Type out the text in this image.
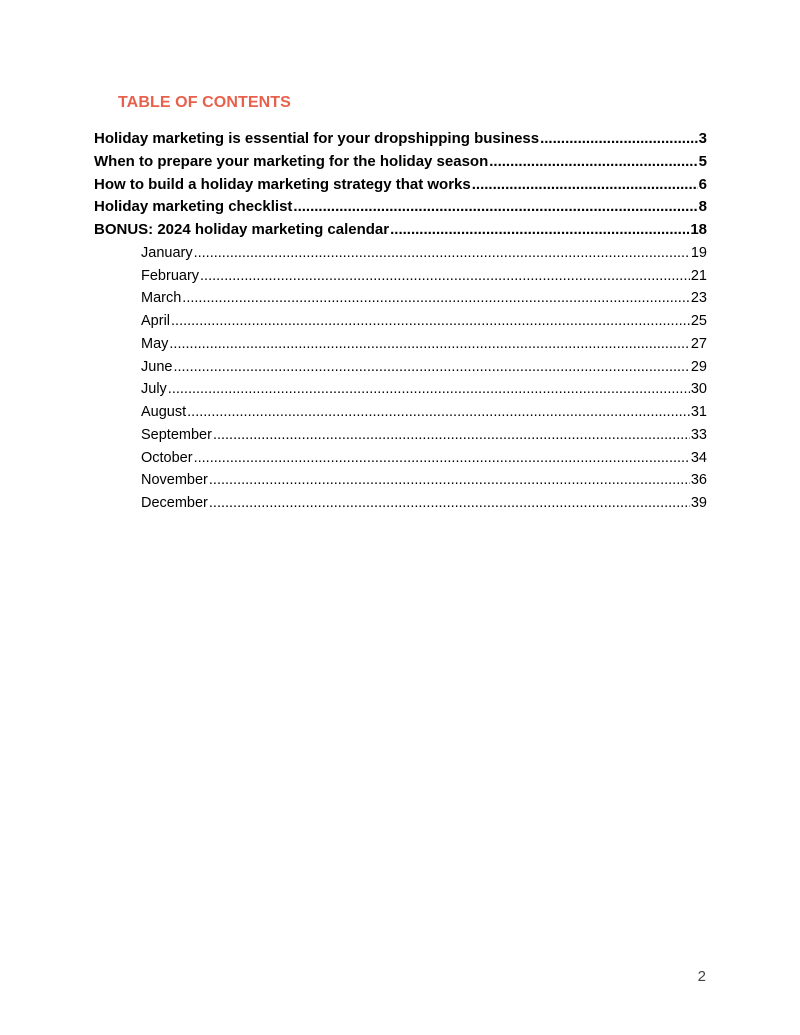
TABLE OF CONTENTS
Holiday marketing is essential for your dropshipping business .....	3
When to prepare your marketing for the holiday season .....	5
How to build a holiday marketing strategy that works .....	6
Holiday marketing checklist .....	8
BONUS: 2024 holiday marketing calendar .....	18
January .....	19
February .....	21
March .....	23
April .....	25
May .....	27
June .....	29
July .....	30
August .....	31
September .....	33
October .....	34
November .....	36
December .....	39
2
